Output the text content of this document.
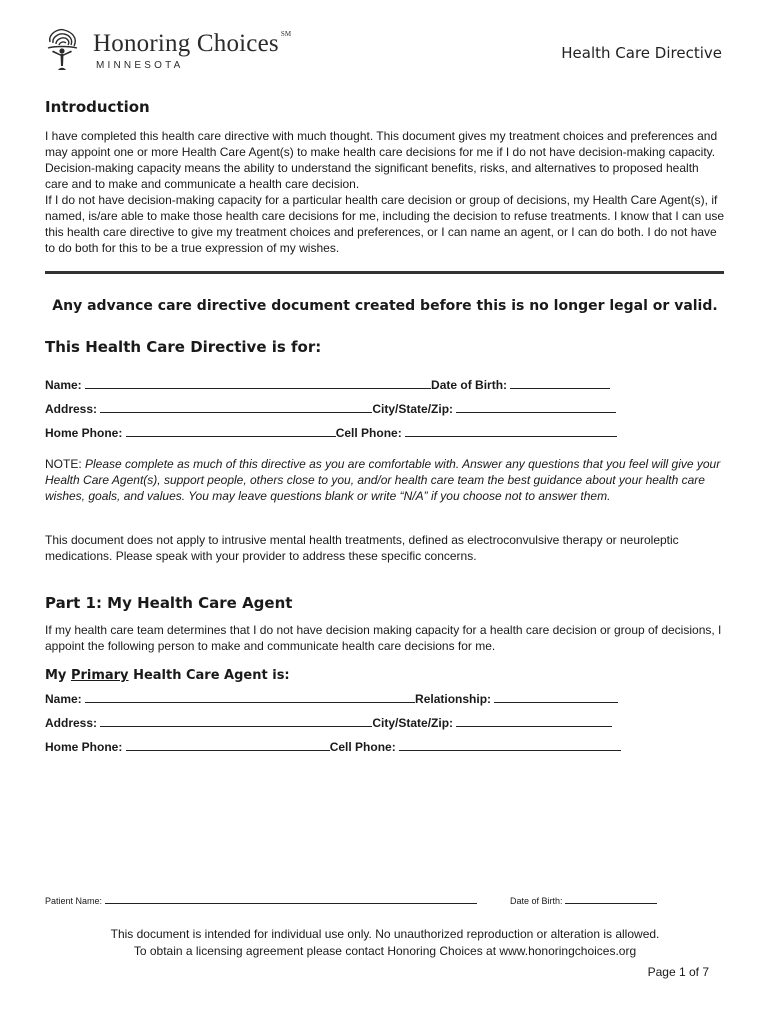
Honoring Choices ℠
MINNESOTA
Health Care Directive
Introduction

I have completed this health care directive with much thought. This document gives my treatment choices and preferences and may appoint one or more Health Care Agent(s) to make health care decisions for me if I do not have decision-making capacity. Decision-making capacity means the ability to understand the significant benefits, risks, and alternatives to proposed health care and to make and communicate a health care decision.

If I do not have decision-making capacity for a particular health care decision or group of decisions, my Health Care Agent(s), if named, is/are able to make those health care decisions for me, including the decision to refuse treatments. I know that I can use this health care directive to give my treatment choices and preferences, or I can name an agent, or I can do both. I do not have to do both for this to be a true expression of my wishes.

Any advance care directive document created before this is no longer legal or valid.
This Health Care Directive is for:
Name:	Date of Birth:
Address:	City/State/Zip:
Home Phone:	Cell Phone:

NOTE: Please complete as much of this directive as you are comfortable with. Answer any questions that you feel will give your Health Care Agent(s), support people, others close to you, and/or health care team the best guidance about your health care wishes, goals, and values. You may leave questions blank or write “N/A” if you choose not to answer them.

This document does not apply to intrusive mental health treatments, defined as electroconvulsive therapy or neuroleptic medications. Please speak with your provider to address these specific concerns.

Part 1: My Health Care Agent

If my health care team determines that I do not have decision making capacity for a health care decision or group of decisions, I appoint the following person to make and communicate health care decisions for me.

My Primary Health Care Agent is:
Name:	Relationship:
Address:	City/State/Zip:
Home Phone:	Cell Phone:
Patient Name:	Date of Birth:
This document is intended for individual use only. No unauthorized reproduction or alteration is allowed.
To obtain a licensing agreement please contact Honoring Choices at www.honoringchoices.org
Page 1 of 7
